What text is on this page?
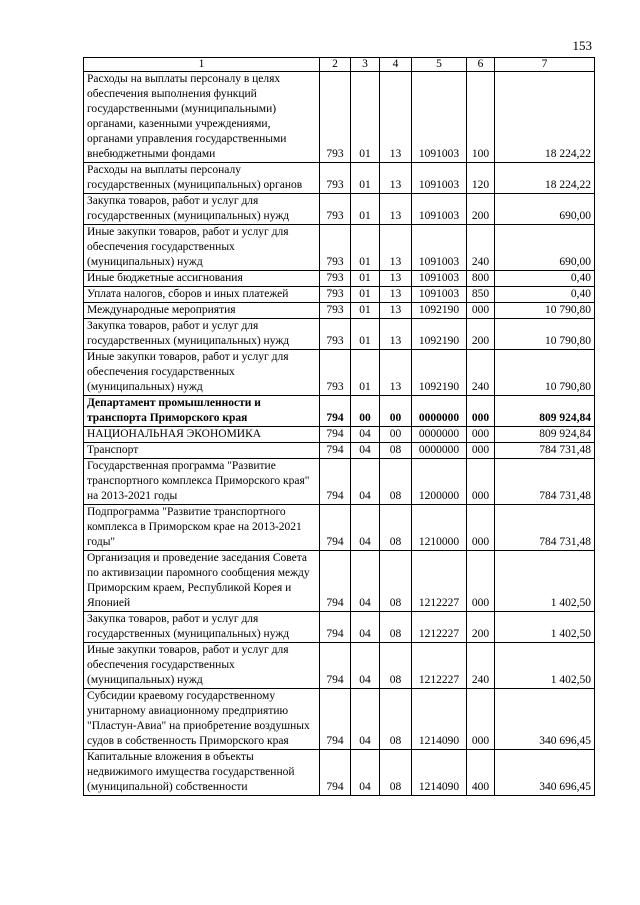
153
1	2	3	4	5	6	7
Расходы на выплаты персоналу в целях обеспечения выполнения функций государственными (муниципальными) органами, казенными учреждениями, органами управления государственными внебюджетными фондами	793	01	13	1091003	100	18 224,22
Расходы на выплаты персоналу государственных (муниципальных) органов	793	01	13	1091003	120	18 224,22
Закупка товаров, работ и услуг для государственных (муниципальных) нужд	793	01	13	1091003	200	690,00
Иные закупки товаров, работ и услуг для обеспечения государственных (муниципальных) нужд	793	01	13	1091003	240	690,00
Иные бюджетные ассигнования	793	01	13	1091003	800	0,40
Уплата налогов, сборов и иных платежей	793	01	13	1091003	850	0,40
Международные мероприятия	793	01	13	1092190	000	10 790,80
Закупка товаров, работ и услуг для государственных (муниципальных) нужд	793	01	13	1092190	200	10 790,80
Иные закупки товаров, работ и услуг для обеспечения государственных (муниципальных) нужд	793	01	13	1092190	240	10 790,80
Департамент промышленности и транспорта Приморского края	794	00	00	0000000	000	809 924,84
НАЦИОНАЛЬНАЯ ЭКОНОМИКА	794	04	00	0000000	000	809 924,84
Транспорт	794	04	08	0000000	000	784 731,48
Государственная программа "Развитие транспортного комплекса Приморского края" на 2013-2021 годы	794	04	08	1200000	000	784 731,48
Подпрограмма "Развитие транспортного комплекса в Приморском крае на 2013-2021 годы"	794	04	08	1210000	000	784 731,48
Организация и проведение заседания Совета по активизации паромного сообщения между Приморским краем, Республикой Корея и Японией	794	04	08	1212227	000	1 402,50
Закупка товаров, работ и услуг для государственных (муниципальных) нужд	794	04	08	1212227	200	1 402,50
Иные закупки товаров, работ и услуг для обеспечения государственных (муниципальных) нужд	794	04	08	1212227	240	1 402,50
Субсидии краевому государственному унитарному авиационному предприятию "Пластун-Авиа" на приобретение воздушных судов в собственность Приморского края	794	04	08	1214090	000	340 696,45
Капитальные вложения в объекты недвижимого имущества государственной (муниципальной) собственности	794	04	08	1214090	400	340 696,45
